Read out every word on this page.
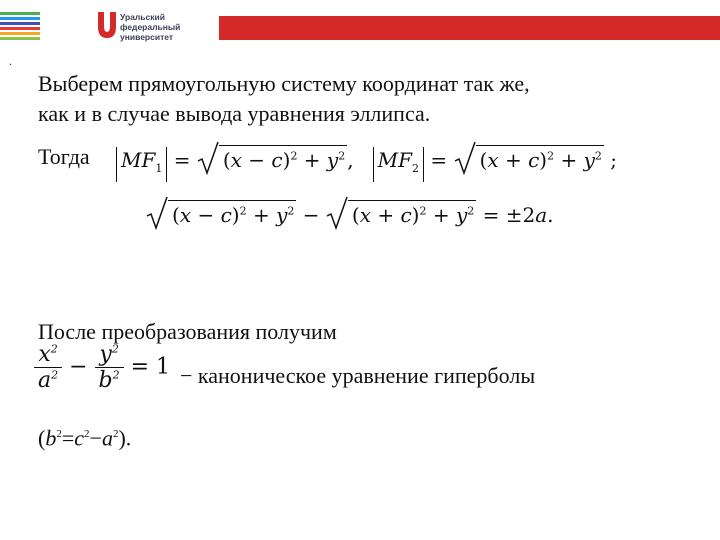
Уральский
федеральный
университет
.
Выберем прямоугольную систему координат так же,
как и в случае вывода уравнения эллипса.
Тогда $MF_1$ =
$(x - c)^2 + y^2$ ,   $MF_2$ =
$(x + c)^2 + y^2$ ;
$(x - c)^2 + y^2$ −
$(x + c)^2 + y^2 = \pm 2a$.
После преобразования получим
$\frac{x^2}{a^2} - \frac{y^2}{b^2} = 1$ − каноническое уравнение гиперболы
$(b^2=c^2-a^2)$.
